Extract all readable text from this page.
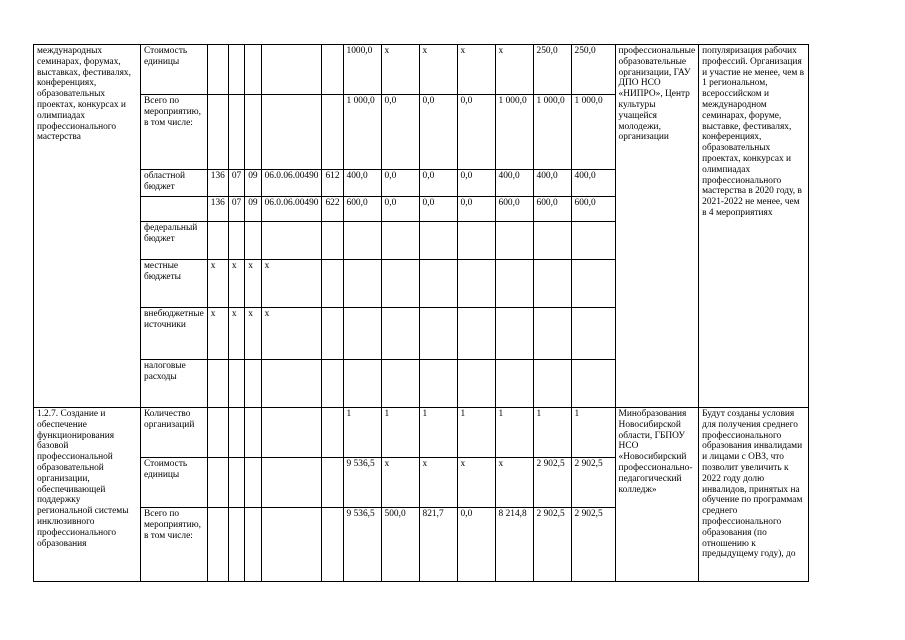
международных семинарах, форумах, выставках, фестивалях, конференциях, образовательных проектах, конкурсах и олимпиадах профессионального мастерства	Стоимость единицы						1000,0	х	х	х	х	250,0	250,0	профессиональные образовательные организации, ГАУ ДПО НСО «НИПРО», Центр культуры учащейся молодежи, организации	популяризация рабочих профессий. Организация и участие не менее, чем в 1 региональном, всероссийском и международном семинарах, форуме, выставке, фестивалях, конференциях, образовательных проектах, конкурсах и олимпиадах профессионального мастерства в 2020 году, в 2021-2022 не менее, чем в 4 мероприятиях
	Всего по мероприятию, в том числе:						1 000,0	0,0	0,0	0,0	1 000,0	1 000,0	1 000,0		
	областной бюджет	136	07	09	06.0.06.00490	612	400,0	0,0	0,0	0,0	400,0	400,0	400,0		
		136	07	09	06.0.06.00490	622	600,0	0,0	0,0	0,0	600,0	600,0	600,0		
	федеральный бюджет														
	местные бюджеты	х	х	х	х										
	внебюджетные источники	х	х	х	х										
	налоговые расходы														
1.2.7. Создание и обеспечение функционирования базовой профессиональной образовательной организации, обеспечивающей поддержку региональной системы инклюзивного профессионального образования	Количество организаций						1	1	1	1	1	1	1	Минобразования Новосибирской области, ГБПОУ НСО «Новосибирский профессионально-педагогический колледж»	Будут созданы условия для получения среднего профессионального образования инвалидами и лицами с ОВЗ, что позволит увеличить к 2022 году долю инвалидов, принятых на обучение по программам среднего профессионального образования (по отношению к предыдущему году), до
	Стоимость единицы						9 536,5	х	х	х	х	2 902,5	2 902,5		
	Всего по мероприятию, в том числе:						9 536,5	500,0	821,7	0,0	8 214,8	2 902,5	2 902,5		
